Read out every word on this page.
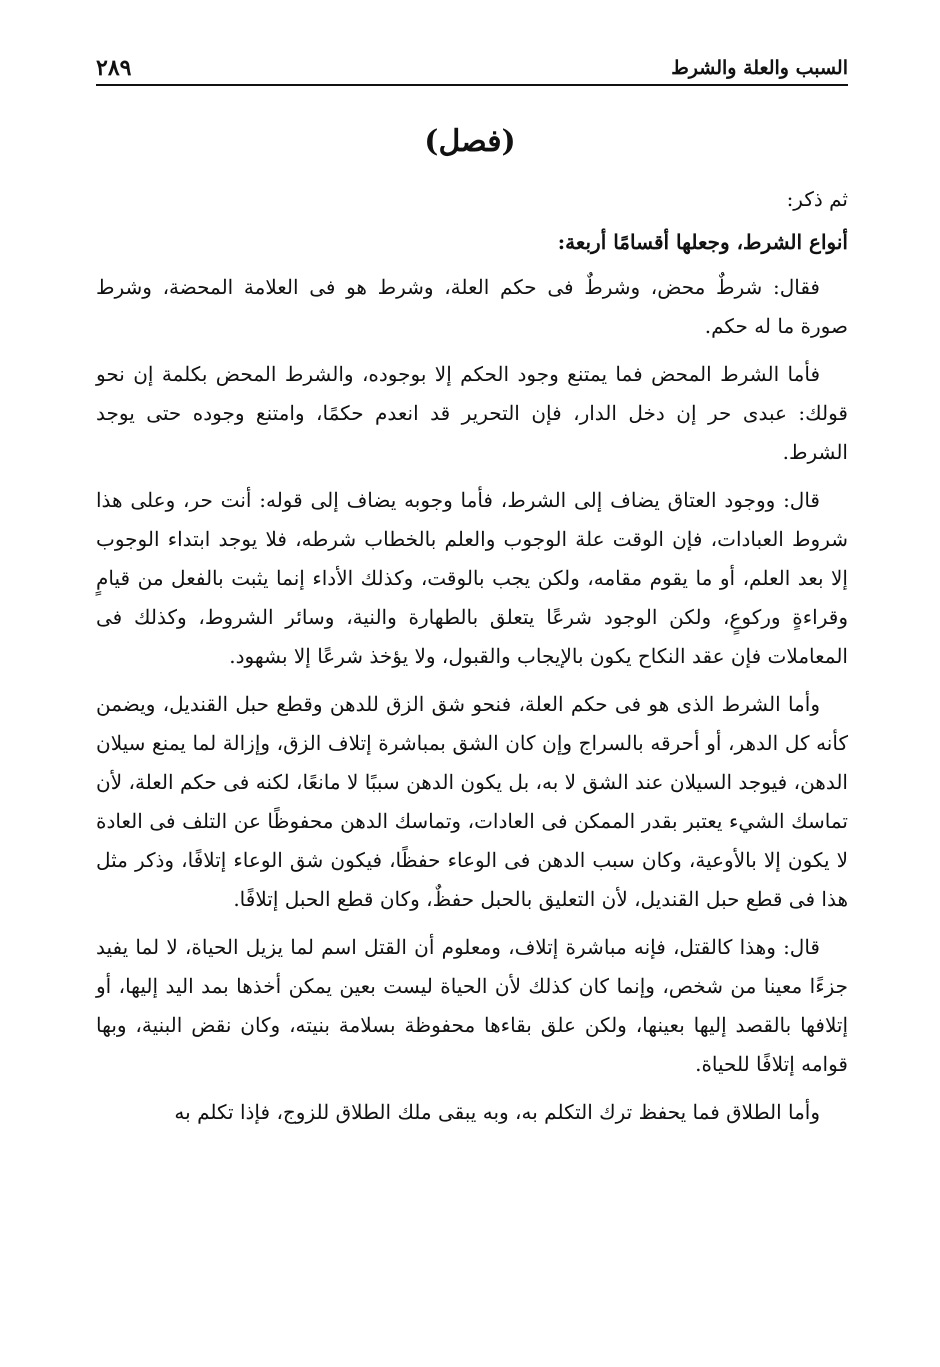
السبب والعلة والشرط
٢٨٩
(فصل)

ثم ذكر:

أنواع الشرط، وجعلها أقسامًا أربعة:

فقال: شرطٌ محض، وشرطٌ فى حكم العلة، وشرط هو فى العلامة المحضة، وشرط صورة ما له حكم.

فأما الشرط المحض فما يمتنع وجود الحكم إلا بوجوده، والشرط المحض بكلمة إن نحو قولك: عبدى حر إن دخل الدار، فإن التحرير قد انعدم حكمًا، وامتنع وجوده حتى يوجد الشرط.

قال: ووجود العتاق يضاف إلى الشرط، فأما وجوبه يضاف إلى قوله: أنت حر، وعلى هذا شروط العبادات، فإن الوقت علة الوجوب والعلم بالخطاب شرطه، فلا يوجد ابتداء الوجوب إلا بعد العلم، أو ما يقوم مقامه، ولكن يجب بالوقت، وكذلك الأداء إنما يثبت بالفعل من قيامٍ وقراءةٍ وركوعٍ، ولكن الوجود شرعًا يتعلق بالطهارة والنية، وسائر الشروط، وكذلك فى المعاملات فإن عقد النكاح يكون بالإيجاب والقبول، ولا يؤخذ شرعًا إلا بشهود.

وأما الشرط الذى هو فى حكم العلة، فنحو شق الزق للدهن وقطع حبل القنديل، ويضمن كأنه كل الدهر، أو أحرقه بالسراج وإن كان الشق بمباشرة إتلاف الزق، وإزالة لما يمنع سيلان الدهن، فيوجد السيلان عند الشق لا به، بل يكون الدهن سببًا لا مانعًا، لكنه فى حكم العلة، لأن تماسك الشيء يعتبر بقدر الممكن فى العادات، وتماسك الدهن محفوظًا عن التلف فى العادة لا يكون إلا بالأوعية، وكان سبب الدهن فى الوعاء حفظًا، فيكون شق الوعاء إتلافًا، وذكر مثل هذا فى قطع حبل القنديل، لأن التعليق بالحبل حفظٌ، وكان قطع الحبل إتلافًا.

قال: وهذا كالقتل، فإنه مباشرة إتلاف، ومعلوم أن القتل اسم لما يزيل الحياة، لا لما يفيد جزءًا معينا من شخص، وإنما كان كذلك لأن الحياة ليست بعين يمكن أخذها بمد اليد إليها، أو إتلافها بالقصد إليها بعينها، ولكن علق بقاءها محفوظة بسلامة بنيته، وكان نقض البنية، وبها قوامه إتلافًا للحياة.

وأما الطلاق فما يحفظ ترك التكلم به، وبه يبقى ملك الطلاق للزوج، فإذا تكلم به
